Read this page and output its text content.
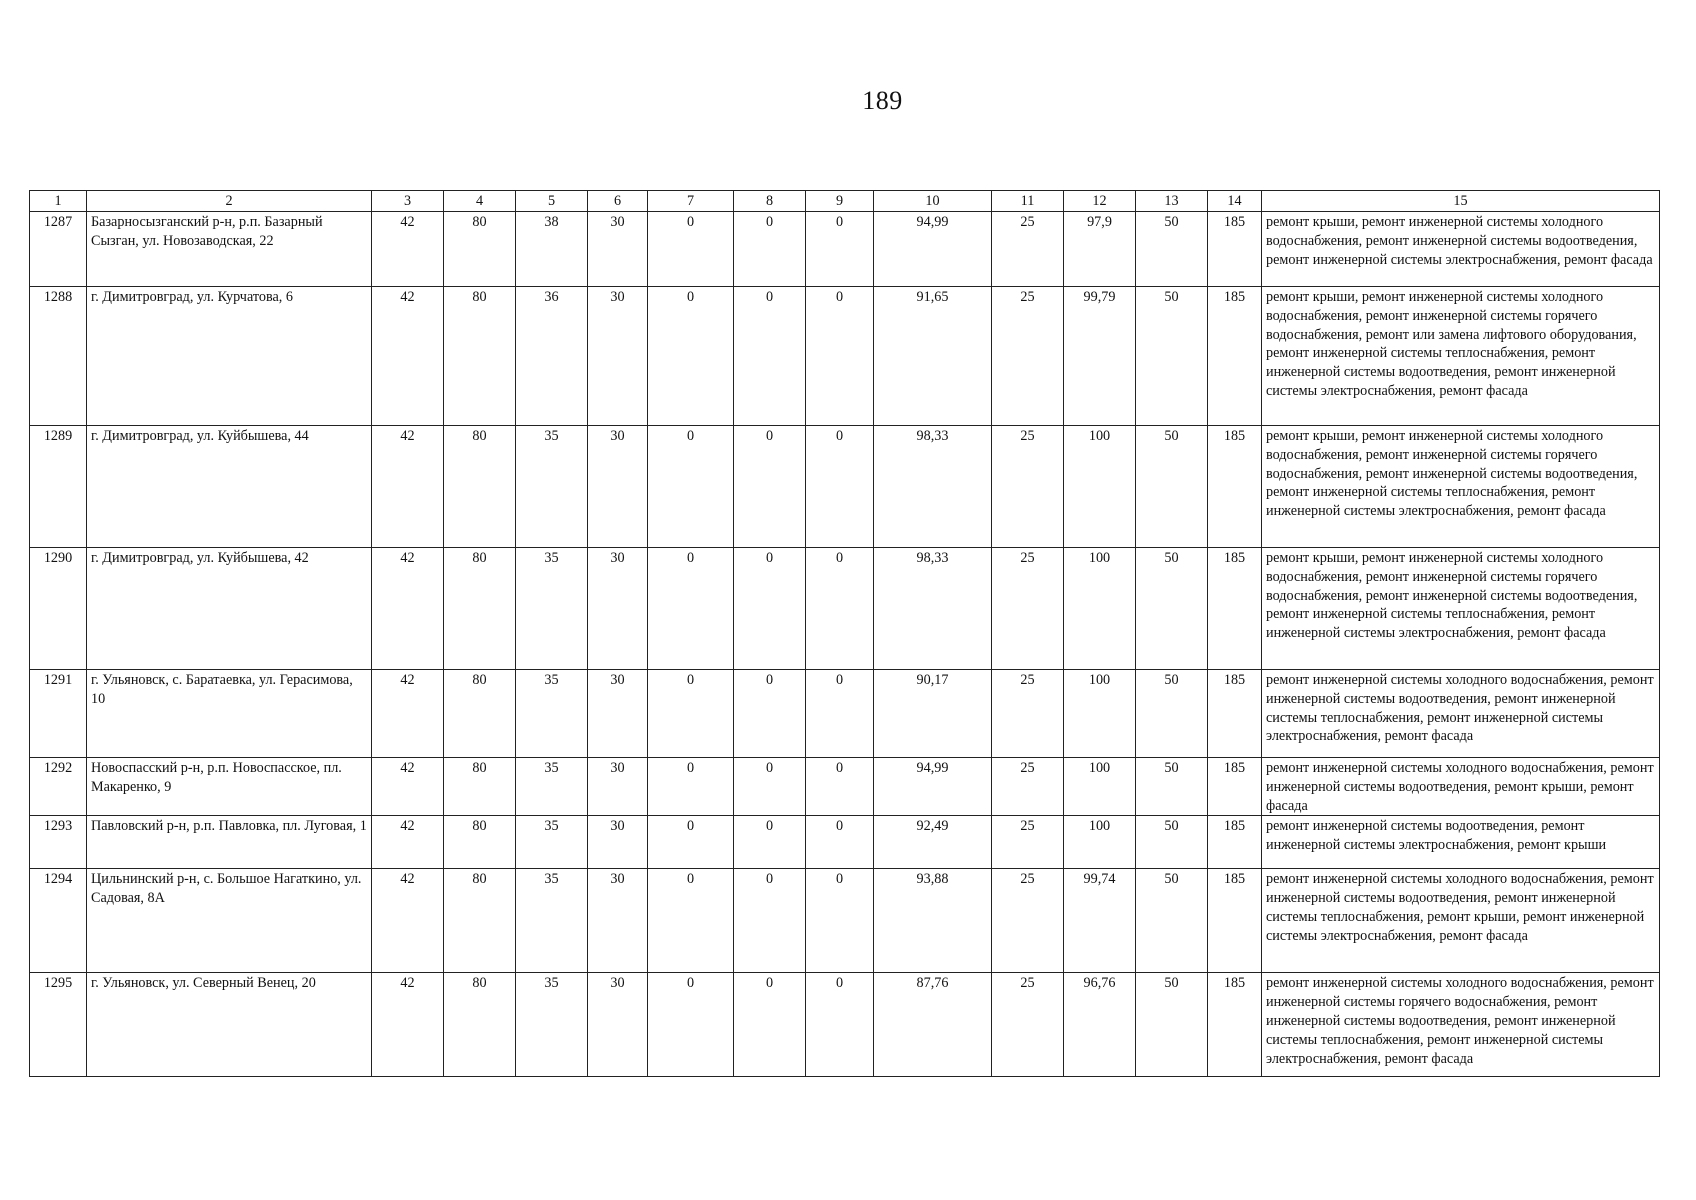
189
1	2	3	4	5	6	7	8	9	10	11	12	13	14	15
1287	Базарносызганский р-н, р.п. Базарный Сызган, ул. Новозаводская, 22	42	80	38	30	0	0	0	94,99	25	97,9	50	185	ремонт крыши, ремонт инженерной системы холодного водоснабжения, ремонт инженерной системы водоотведения, ремонт инженерной системы электроснабжения, ремонт фасада
1288	г. Димитровград, ул. Курчатова, 6	42	80	36	30	0	0	0	91,65	25	99,79	50	185	ремонт крыши, ремонт инженерной системы холодного водоснабжения, ремонт инженерной системы горячего водоснабжения, ремонт или замена лифтового оборудования, ремонт инженерной системы теплоснабжения, ремонт инженерной системы водоотведения, ремонт инженерной системы электроснабжения, ремонт фасада
1289	г. Димитровград, ул. Куйбышева, 44	42	80	35	30	0	0	0	98,33	25	100	50	185	ремонт крыши, ремонт инженерной системы холодного водоснабжения, ремонт инженерной системы горячего водоснабжения, ремонт инженерной системы водоотведения, ремонт инженерной системы теплоснабжения, ремонт инженерной системы электроснабжения, ремонт фасада
1290	г. Димитровград, ул. Куйбышева, 42	42	80	35	30	0	0	0	98,33	25	100	50	185	ремонт крыши, ремонт инженерной системы холодного водоснабжения, ремонт инженерной системы горячего водоснабжения, ремонт инженерной системы водоотведения, ремонт инженерной системы теплоснабжения, ремонт инженерной системы электроснабжения, ремонт фасада
1291	г. Ульяновск, с. Баратаевка, ул. Герасимова, 10	42	80	35	30	0	0	0	90,17	25	100	50	185	ремонт инженерной системы холодного водоснабжения, ремонт инженерной системы водоотведения, ремонт инженерной системы теплоснабжения, ремонт инженерной системы электроснабжения, ремонт фасада
1292	Новоспасский р-н, р.п. Новоспасское, пл. Макаренко, 9	42	80	35	30	0	0	0	94,99	25	100	50	185	ремонт инженерной системы холодного водоснабжения, ремонт инженерной системы водоотведения, ремонт крыши, ремонт фасада
1293	Павловский р-н, р.п. Павловка, пл. Луговая, 1	42	80	35	30	0	0	0	92,49	25	100	50	185	ремонт инженерной системы водоотведения, ремонт инженерной системы электроснабжения, ремонт крыши
1294	Цильнинский р-н, с. Большое Нагаткино, ул. Садовая, 8А	42	80	35	30	0	0	0	93,88	25	99,74	50	185	ремонт инженерной системы холодного водоснабжения, ремонт инженерной системы водоотведения, ремонт инженерной системы теплоснабжения, ремонт крыши, ремонт инженерной системы электроснабжения, ремонт фасада
1295	г. Ульяновск, ул. Северный Венец, 20	42	80	35	30	0	0	0	87,76	25	96,76	50	185	ремонт инженерной системы холодного водоснабжения, ремонт инженерной системы горячего водоснабжения, ремонт инженерной системы водоотведения, ремонт инженерной системы теплоснабжения, ремонт инженерной системы электроснабжения, ремонт фасада
